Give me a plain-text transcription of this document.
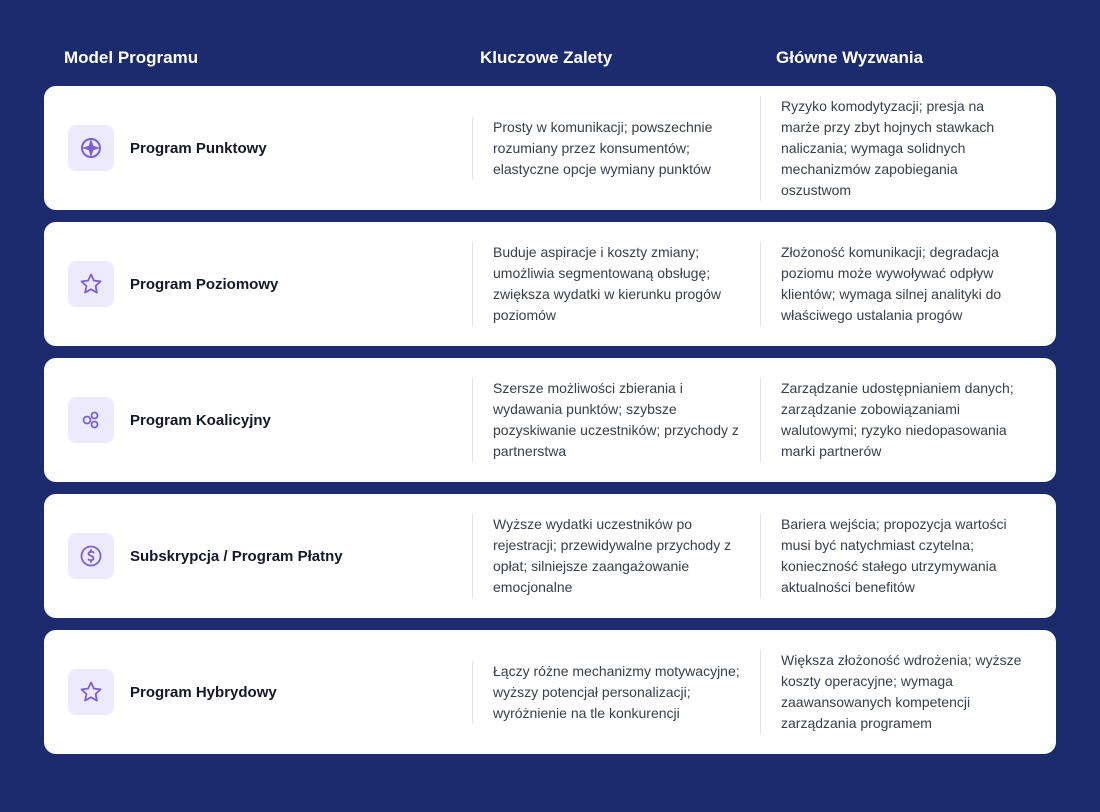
Model Programu	Kluczowe Zalety	Główne Wyzwania
Program Punktowy
Prosty w komunikacji; powszechnie rozumiany przez konsumentów; elastyczne opcje wymiany punktów
Ryzyko komodytyzacji; presja na marże przy zbyt hojnych stawkach naliczania; wymaga solidnych mechanizmów zapobiegania oszustwom
Program Poziomowy
Buduje aspiracje i koszty zmiany; umożliwia segmentowaną obsługę; zwiększa wydatki w kierunku progów poziomów
Złożoność komunikacji; degradacja poziomu może wywoływać odpływ klientów; wymaga silnej analityki do właściwego ustalania progów
Program Koalicyjny
Szersze możliwości zbierania i wydawania punktów; szybsze pozyskiwanie uczestników; przychody z partnerstwa
Zarządzanie udostępnianiem danych; zarządzanie zobowiązaniami walutowymi; ryzyko niedopasowania marki partnerów
Subskrypcja / Program Płatny
Wyższe wydatki uczestników po rejestracji; przewidywalne przychody z opłat; silniejsze zaangażowanie emocjonalne
Bariera wejścia; propozycja wartości musi być natychmiast czytelna; konieczność stałego utrzymywania aktualności benefitów
Program Hybrydowy
Łączy różne mechanizmy motywacyjne; wyższy potencjał personalizacji; wyróżnienie na tle konkurencji
Większa złożoność wdrożenia; wyższe koszty operacyjne; wymaga zaawansowanych kompetencji zarządzania programem
